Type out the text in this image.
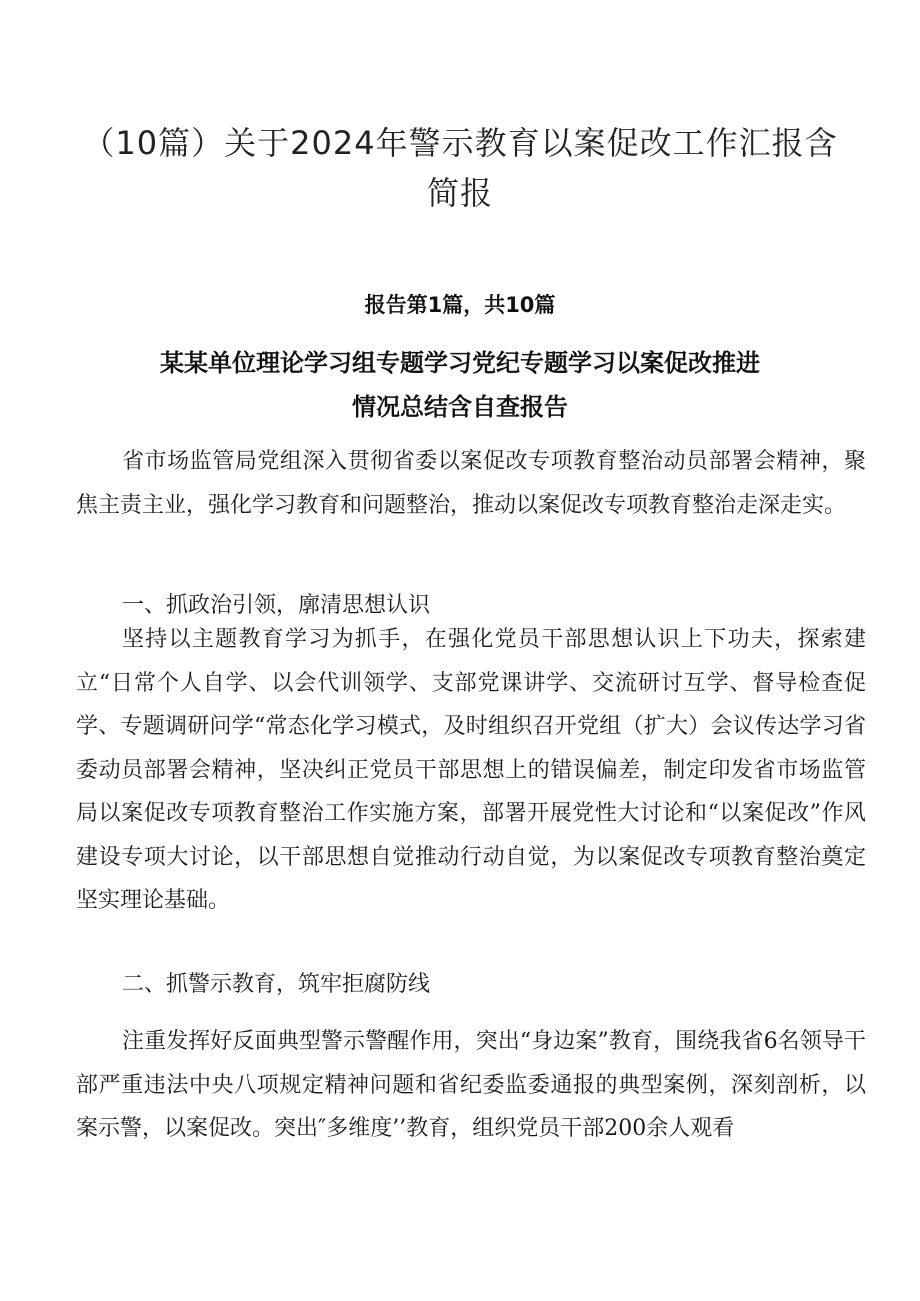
（10篇）关于2024年警示教育以案促改工作汇报含
简报
报告第1篇，共10篇
某某单位理论学习组专题学习党纪专题学习以案促改推进
情况总结含自查报告

省市场监管局党组深入贯彻省委以案促改专项教育整治动员部署会精神，聚焦主责主业，强化学习教育和问题整治，推动以案促改专项教育整治走深走实。

一、抓政治引领，廓清思想认识

坚持以主题教育学习为抓手，在强化党员干部思想认识上下功夫，探索建立“日常个人自学、以会代训领学、支部党课讲学、交流研讨互学、督导检查促学、专题调研问学“常态化学习模式，及时组织召开党组（扩大）会议传达学习省委动员部署会精神，坚决纠正党员干部思想上的错误偏差，制定印发省市场监管局以案促改专项教育整治工作实施方案，部署开展党性大讨论和“以案促改”作风建设专项大讨论，以干部思想自觉推动行动自觉，为以案促改专项教育整治奠定坚实理论基础。

二、抓警示教育，筑牢拒腐防线

注重发挥好反面典型警示警醒作用，突出“身边案”教育，围绕我省6名领导干部严重违法中央八项规定精神问题和省纪委监委通报的典型案例，深刻剖析，以案示警，以案促改。突出″多维度’’教育，组织党员干部200余人观看
